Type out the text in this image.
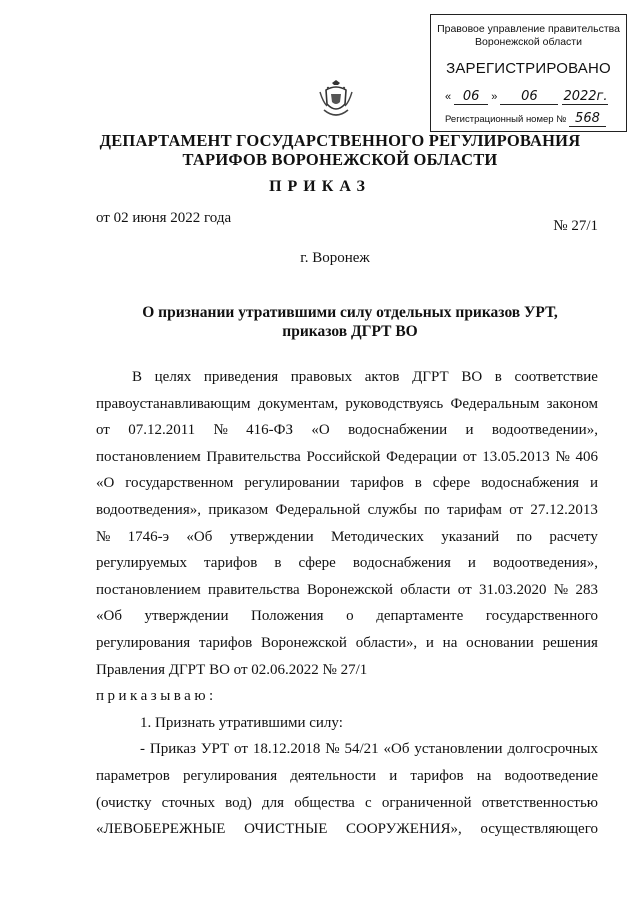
Правовое управление правительства
Воронежской области
ЗАРЕГИСТРИРОВАНО
« 06 » 06 2022г.
Регистрационный номер № 568
ДЕПАРТАМЕНТ ГОСУДАРСТВЕННОГО РЕГУЛИРОВАНИЯ
ТАРИФОВ ВОРОНЕЖСКОЙ ОБЛАСТИ
ПРИКАЗ
от 02 июня 2022 года	№ 27/1
г. Воронеж
О признании утратившими силу отдельных приказов УРТ,
приказов ДГРТ ВО
В целях приведения правовых актов ДГРТ ВО в соответствие
правоустанавливающим документам, руководствуясь Федеральным законом
от 07.12.2011 № 416-ФЗ «О водоснабжении и водоотведении»,
постановлением Правительства Российской Федерации от 13.05.2013 № 406
«О государственном регулировании тарифов в сфере водоснабжения и
водоотведения», приказом Федеральной службы по тарифам от 27.12.2013
№ 1746-э «Об утверждении Методических указаний по расчету
регулируемых тарифов в сфере водоснабжения и водоотведения»,
постановлением правительства Воронежской области от 31.03.2020 № 283
«Об утверждении Положения о департаменте государственного
регулирования тарифов Воронежской области», и на основании решения
Правления ДГРТ ВО от 02.06.2022 № 27/1
приказываю:
1. Признать утратившими силу:
- Приказ УРТ от 18.12.2018 № 54/21 «Об установлении долгосрочных
параметров регулирования деятельности и тарифов на водоотведение
(очистку сточных вод) для общества с ограниченной ответственностью
«ЛЕВОБЕРЕЖНЫЕ ОЧИСТНЫЕ СООРУЖЕНИЯ», осуществляющего
